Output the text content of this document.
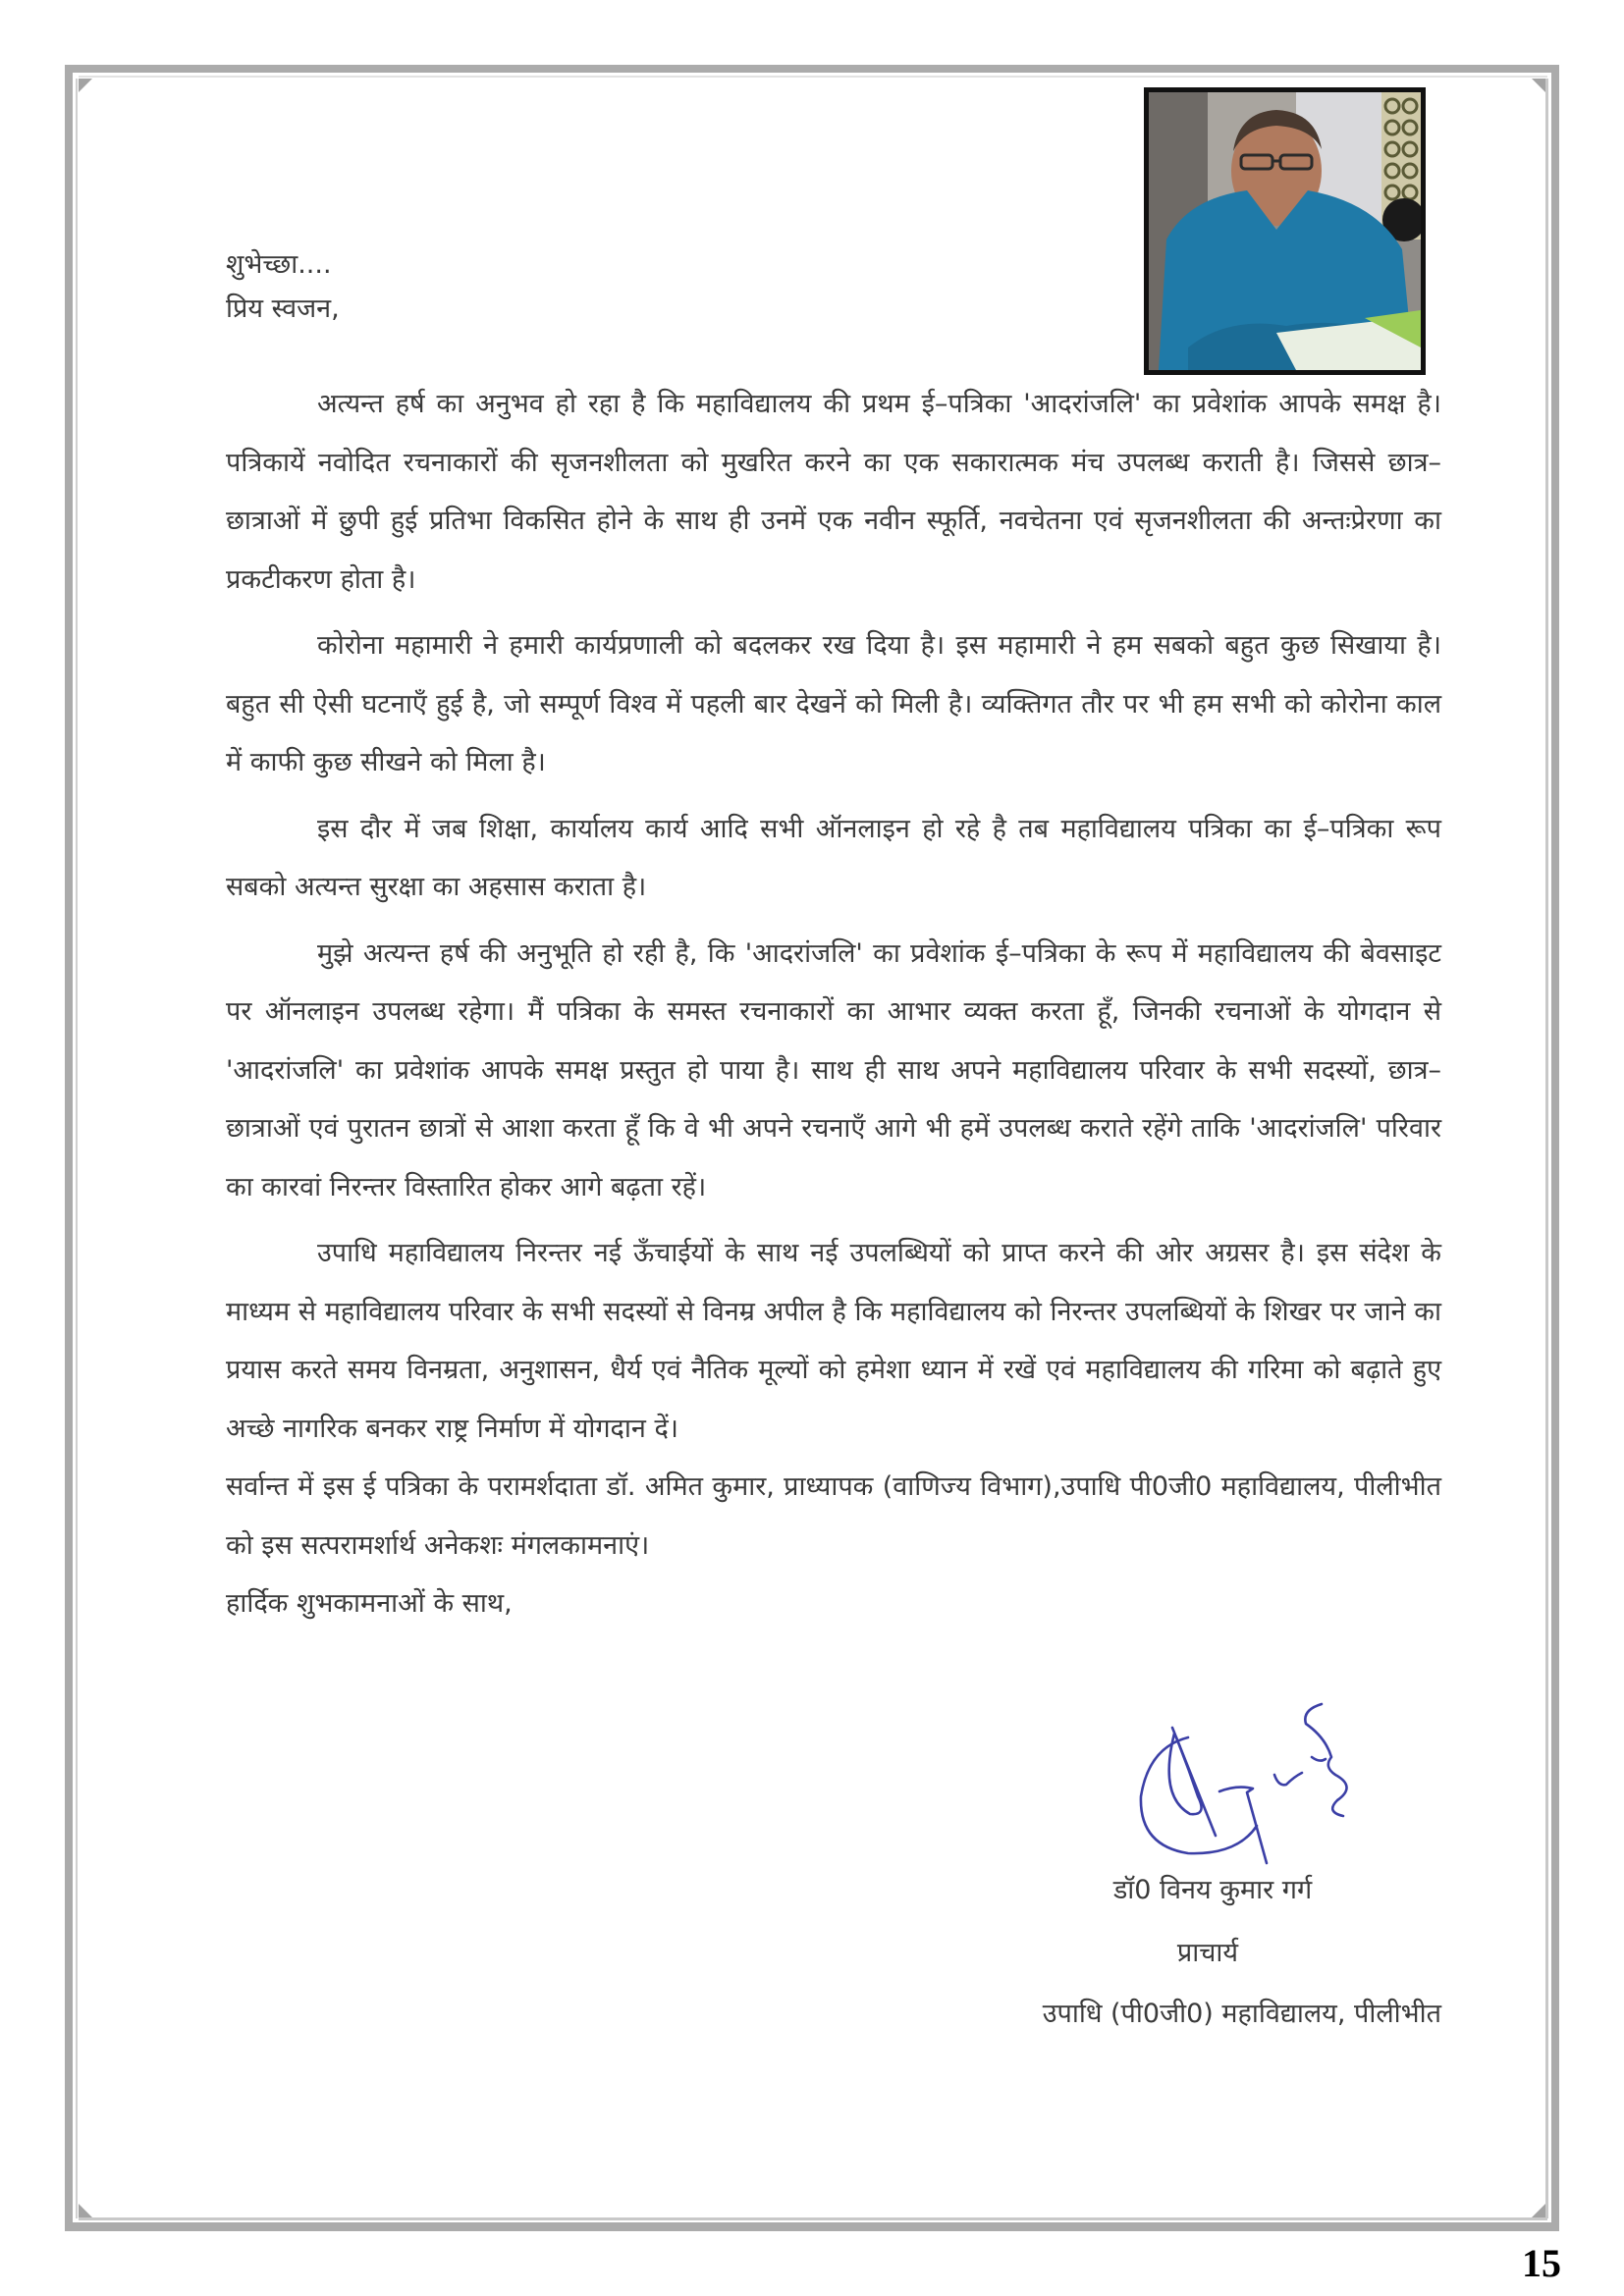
शुभेच्छा....
प्रिय स्वजन,

अत्यन्त हर्ष का अनुभव हो रहा है कि महाविद्यालय की प्रथम ई–पत्रिका 'आदरांजलि' का प्रवेशांक आपके समक्ष है। पत्रिकायें नवोदित रचनाकारों की सृजनशीलता को मुखरित करने का एक सकारात्मक मंच उपलब्ध कराती है। जिससे छात्र–छात्राओं में छुपी हुई प्रतिभा विकसित होने के साथ ही उनमें एक नवीन स्फूर्ति, नवचेतना एवं सृजनशीलता की अन्तःप्रेरणा का प्रकटीकरण होता है।

कोरोना महामारी ने हमारी कार्यप्रणाली को बदलकर रख दिया है। इस महामारी ने हम सबको बहुत कुछ सिखाया है। बहुत सी ऐसी घटनाएँ हुई है, जो सम्पूर्ण विश्व में पहली बार देखनें को मिली है। व्यक्तिगत तौर पर भी हम सभी को कोरोना काल में काफी कुछ सीखने को मिला है।

इस दौर में जब शिक्षा, कार्यालय कार्य आदि सभी ऑनलाइन हो रहे है तब महाविद्यालय पत्रिका का ई–पत्रिका रूप सबको अत्यन्त सुरक्षा का अहसास कराता है।

मुझे अत्यन्त हर्ष की अनुभूति हो रही है, कि 'आदरांजलि' का प्रवेशांक ई–पत्रिका के रूप में महाविद्यालय की बेवसाइट पर ऑनलाइन उपलब्ध रहेगा। मैं पत्रिका के समस्त रचनाकारों का आभार व्यक्त करता हूँ, जिनकी रचनाओं के योगदान से 'आदरांजलि' का प्रवेशांक आपके समक्ष प्रस्तुत हो पाया है। साथ ही साथ अपने महाविद्यालय परिवार के सभी सदस्यों, छात्र–छात्राओं एवं पुरातन छात्रों से आशा करता हूँ कि वे भी अपने रचनाएँ आगे भी हमें उपलब्ध कराते रहेंगे ताकि 'आदरांजलि' परिवार का कारवां निरन्तर विस्तारित होकर आगे बढ़ता रहें।

उपाधि महाविद्यालय निरन्तर नई ऊँचाईयों के साथ नई उपलब्धियों को प्राप्त करने की ओर अग्रसर है। इस संदेश के माध्यम से महाविद्यालय परिवार के सभी सदस्यों से विनम्र अपील है कि महाविद्यालय को निरन्तर उपलब्धियों के शिखर पर जाने का प्रयास करते समय विनम्रता, अनुशासन, धैर्य एवं नैतिक मूल्यों को हमेशा ध्यान में रखें एवं महाविद्यालय की गरिमा को बढ़ाते हुए अच्छे नागरिक बनकर राष्ट्र निर्माण में योगदान दें।

सर्वान्त में इस ई पत्रिका के परामर्शदाता डॉ. अमित कुमार, प्राध्यापक (वाणिज्य विभाग),उपाधि पी0जी0 महाविद्यालय, पीलीभीत को इस सत्परामर्शार्थ अनेकशः मंगलकामनाएं।

हार्दिक शुभकामनाओं के साथ,

डॉ0 विनय कुमार गर्ग
प्राचार्य
उपाधि (पी0जी0) महाविद्यालय, पीलीभीत
15
